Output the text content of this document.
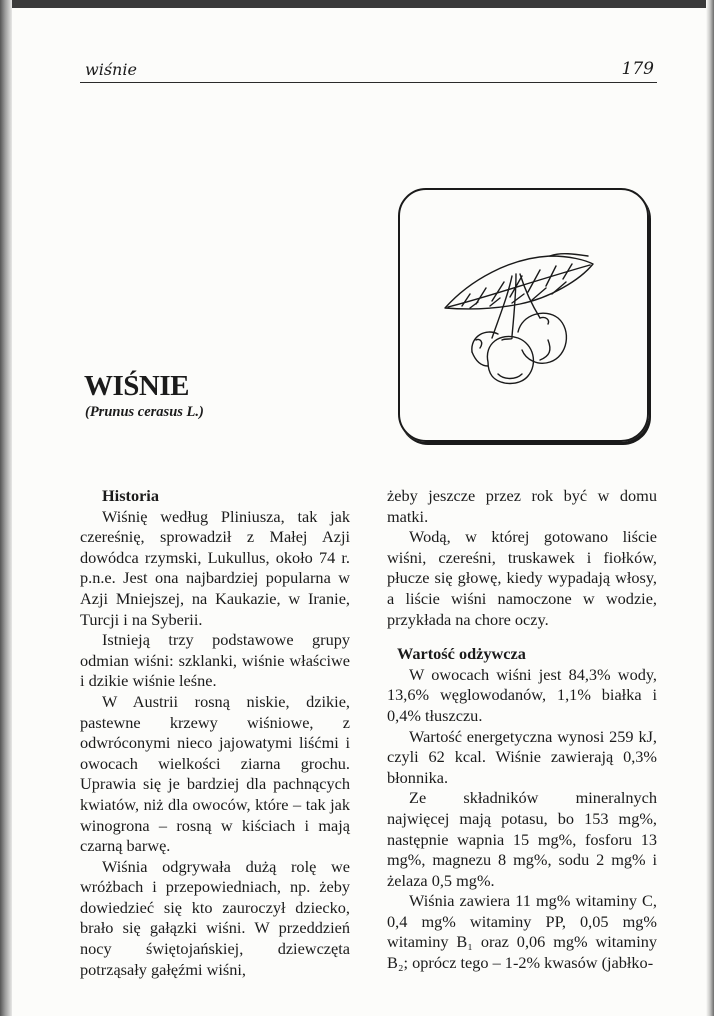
wiśnie	179
WIŚNIE
(Prunus cerasus L.)
Historia

Wiśnię według Pliniusza, tak jak czereśnię, sprowadził z Małej Azji dowódca rzymski, Lukullus, około 74 r. p.n.e. Jest ona najbardziej popularna w Azji Mniejszej, na Kaukazie, w Iranie, Turcji i na Syberii.

Istnieją trzy podstawowe grupy odmian wiśni: szklanki, wiśnie właściwe i dzikie wiśnie leśne.

W Austrii rosną niskie, dzikie, pastewne krzewy wiśniowe, z odwróconymi nieco jajowatymi liśćmi i owocach wielkości ziarna grochu. Uprawia się je bardziej dla pachnących kwiatów, niż dla owoców, które – tak jak winogrona – rosną w kiściach i mają czarną barwę.

Wiśnia odgrywała dużą rolę we wróżbach i przepowiedniach, np. żeby dowiedzieć się kto zauroczył dziecko, brało się gałązki wiśni. W przeddzień nocy świętojańskiej, dziewczęta potrząsały gałęźmi wiśni,

żeby jeszcze przez rok być w domu matki.

Wodą, w której gotowano liście wiśni, czereśni, truskawek i fiołków, płucze się głowę, kiedy wypadają włosy, a liście wiśni namoczone w wodzie, przykłada na chore oczy.

Wartość odżywcza

W owocach wiśni jest 84,3% wody, 13,6% węglowodanów, 1,1% białka i 0,4% tłuszczu.

Wartość energetyczna wynosi 259 kJ, czyli 62 kcal. Wiśnie zawierają 0,3% błonnika.

Ze składników mineralnych najwięcej mają potasu, bo 153 mg%, następnie wapnia 15 mg%, fosforu 13 mg%, magnezu 8 mg%, sodu 2 mg% i żelaza 0,5 mg%.

Wiśnia zawiera 11 mg% witaminy C, 0,4 mg% witaminy PP, 0,05 mg% witaminy B₁ oraz 0,06 mg% witaminy B₂; oprócz tego – 1-2% kwasów (jabłko-
